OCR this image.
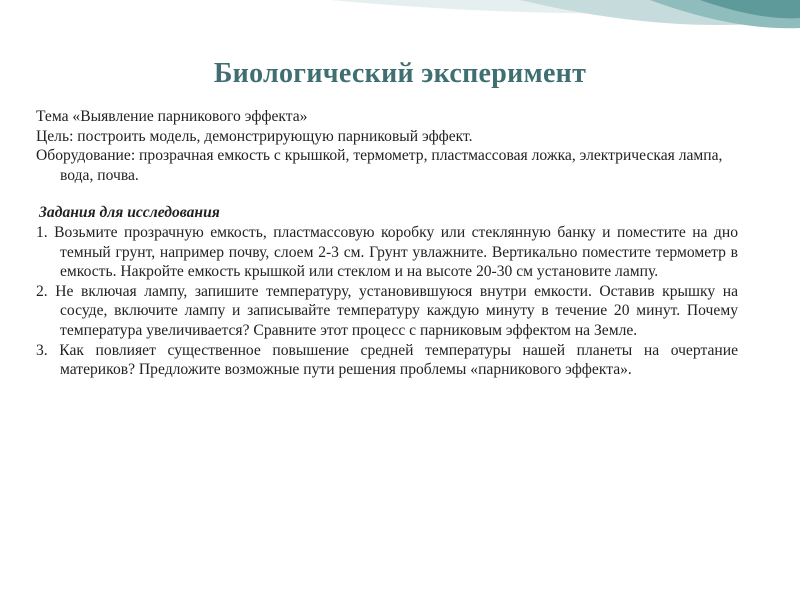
Биологический эксперимент

Тема «Выявление парникового эффекта»

Цель: построить модель, демонстрирующую парниковый эффект.

Оборудование: прозрачная емкость с крышкой, термометр, пластмассовая ложка, электрическая лампа, вода, почва.

Задания для исследования

1. Возьмите прозрачную емкость, пластмассовую коробку или стеклянную банку и поместите на дно темный грунт, например почву, слоем 2-3 см. Грунт увлажните. Вертикально поместите термометр в емкость. Накройте емкость крышкой или стеклом и на высоте 20-30 см установите лампу.

2. Не включая лампу, запишите температуру, установившуюся внутри емкости. Оставив крышку на сосуде, включите лампу и записывайте температуру каждую минуту в течение 20 минут. Почему температура увеличивается? Сравните этот процесс с парниковым эффектом на Земле.

3. Как повлияет существенное повышение средней температуры нашей планеты на очертание материков? Предложите возможные пути решения проблемы «парникового эффекта».
